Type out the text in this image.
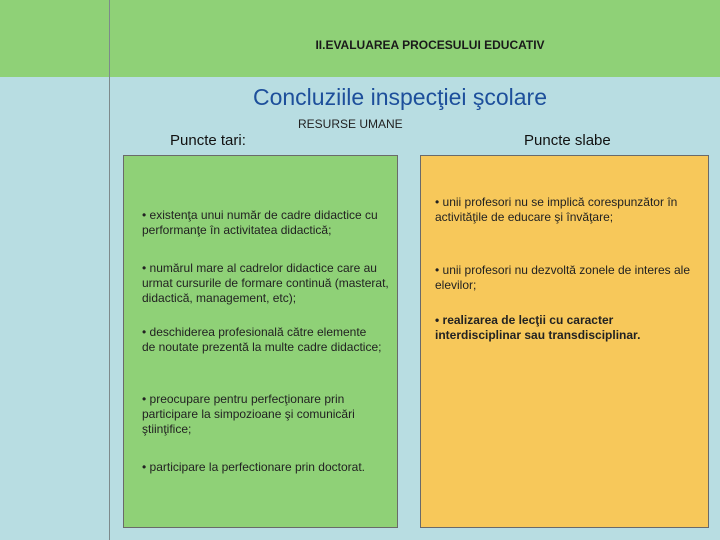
II.EVALUAREA PROCESULUI EDUCATIV

Concluziile inspecţiei şcolare

RESURSE UMANE
Puncte tari:	Puncte slabe

• existenţa unui număr de cadre didactice cu performanţe în activitatea didactică;

• numărul mare al cadrelor didactice care au urmat cursurile de formare continuă (masterat, didactică, management, etc);

• deschiderea profesională către elemente de noutate prezentă la multe cadre didactice;

• preocupare pentru perfecţionare prin participare la simpozioane şi comunicări ştiinţifice;

• participare la perfectionare prin doctorat.

• unii profesori nu se implică corespunzător în activităţile de educare şi învăţare;

• unii profesori nu dezvoltă zonele de interes ale elevilor;

• realizarea de lecţii cu caracter interdisciplinar sau transdisciplinar.
